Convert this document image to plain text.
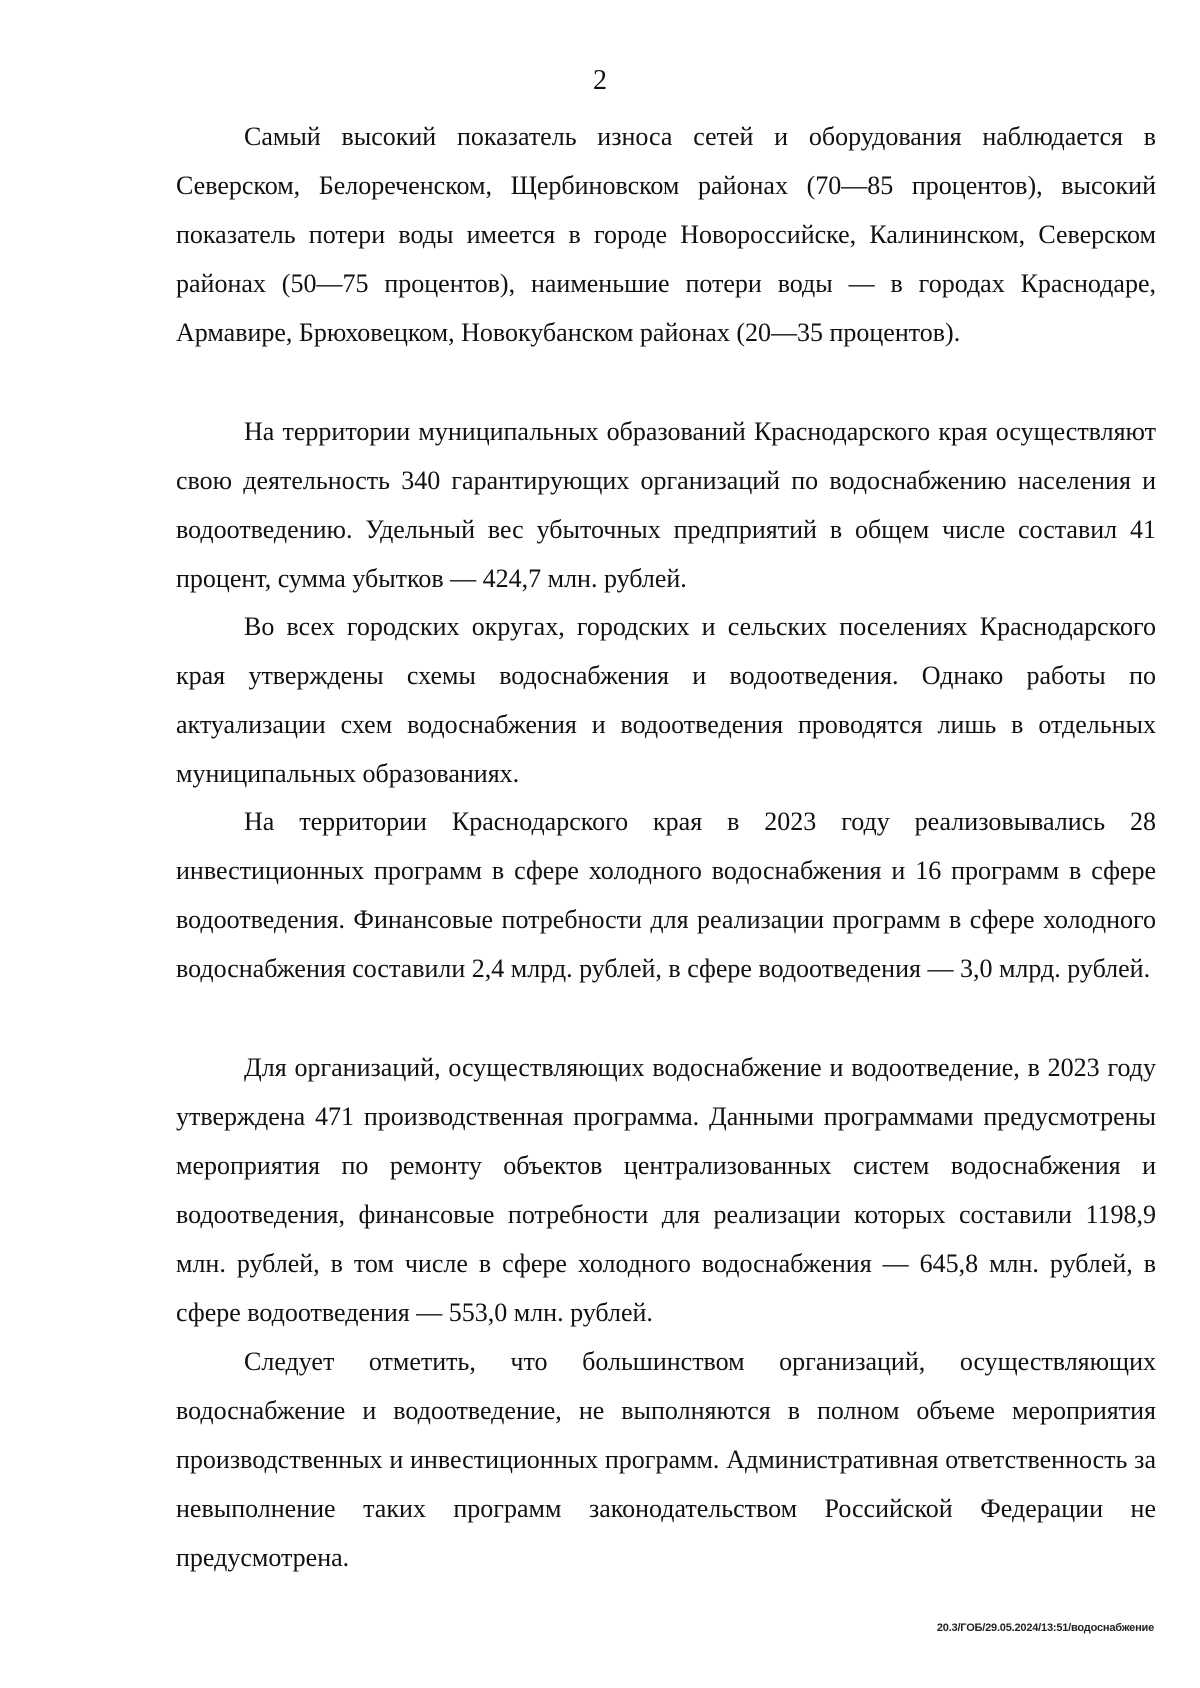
2

Самый высокий показатель износа сетей и оборудования наблюдается в Северском, Белореченском, Щербиновском районах (70—85 процентов), высокий показатель потери воды имеется в городе Новороссийске, Калининском, Северском районах (50—75 процентов), наименьшие потери воды — в городах Краснодаре, Армавире, Брюховецком, Новокубанском районах (20—35 процентов).

На территории муниципальных образований Краснодарского края осуществляют свою деятельность 340 гарантирующих организаций по водоснабжению населения и водоотведению. Удельный вес убыточных предприятий в общем числе составил 41 процент, сумма убытков — 424,7 млн. рублей.

Во всех городских округах, городских и сельских поселениях Краснодарского края утверждены схемы водоснабжения и водоотведения. Однако работы по актуализации схем водоснабжения и водоотведения проводятся лишь в отдельных муниципальных образованиях.

На территории Краснодарского края в 2023 году реализовывались 28 инвестиционных программ в сфере холодного водоснабжения и 16 программ в сфере водоотведения. Финансовые потребности для реализации программ в сфере холодного водоснабжения составили 2,4 млрд. рублей, в сфере водоотведения — 3,0 млрд. рублей.

Для организаций, осуществляющих водоснабжение и водоотведение, в 2023 году утверждена 471 производственная программа. Данными программами предусмотрены мероприятия по ремонту объектов централизованных систем водоснабжения и водоотведения, финансовые потребности для реализации которых составили 1198,9 млн. рублей, в том числе в сфере холодного водоснабжения — 645,8 млн. рублей, в сфере водоотведения — 553,0 млн. рублей.

Следует отметить, что большинством организаций, осуществляющих водоснабжение и водоотведение, не выполняются в полном объеме мероприятия производственных и инвестиционных программ. Административная ответственность за невыполнение таких программ законодательством Российской Федерации не предусмотрена.

20.3/ГОБ/29.05.2024/13:51/водоснабжение
